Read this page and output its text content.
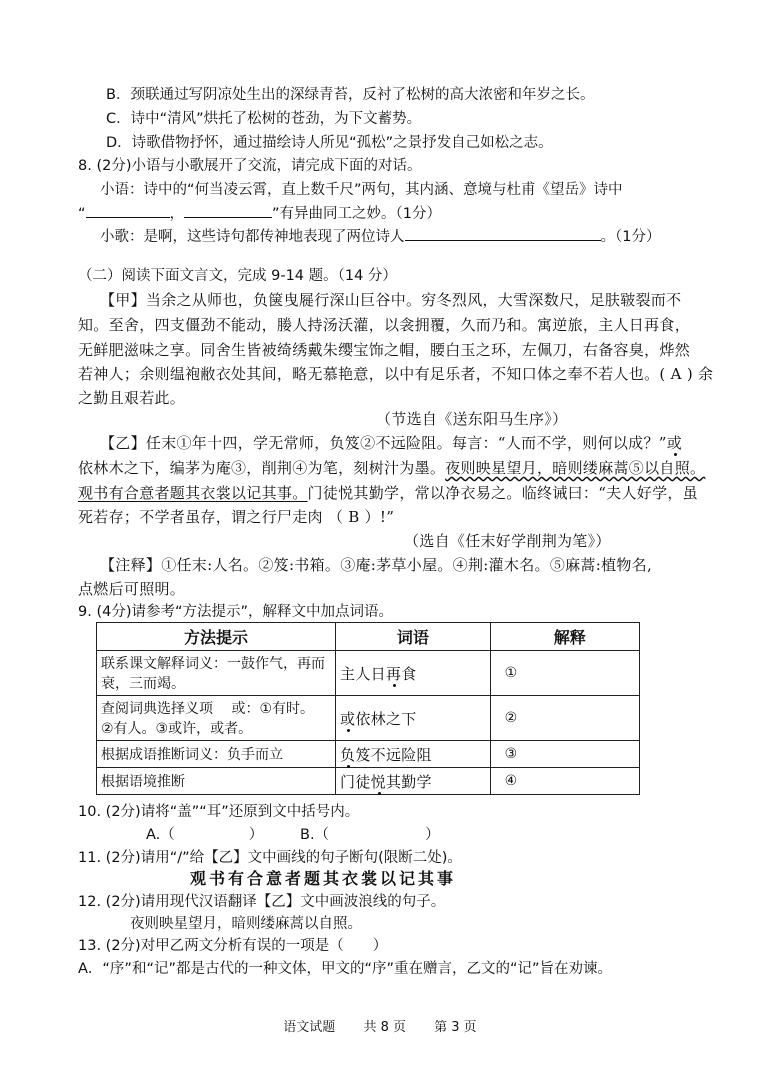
B．颈联通过写阴凉处生出的深绿青苔，反衬了松树的高大浓密和年岁之长。
C．诗中“清风”烘托了松树的苍劲，为下文蓄势。
D．诗歌借物抒怀，通过描绘诗人所见“孤松”之景抒发自己如松之志。
8. (2分)小语与小歌展开了交流，请完成下面的对话。
小语：诗中的“何当凌云霄，直上数千尺”两句，其内涵、意境与杜甫《望岳》诗中
“	，	”有异曲同工之妙。（1分）
小歌：是啊，这些诗句都传神地表现了两位诗人	。（1分）
（二）阅读下面文言文，完成 9-14 题。（14 分）
【甲】当余之从师也，负箧曳屣行深山巨谷中。穷冬烈风，大雪深数尺，足肤皲裂而不
知。至舍，四支僵劲不能动，媵人持汤沃灌，以衾拥覆，久而乃和。寓逆旅，主人日再食，
无鲜肥滋味之享。同舍生皆被绮绣戴朱缨宝饰之帽，腰白玉之环，左佩刀，右备容臭，烨然
若神人；余则缊袍敝衣处其间，略无慕艳意，以中有足乐者，不知口体之奉不若人也。( A ) 余
之勤且艰若此。
（节选自《送东阳马生序》）
【乙】任末①年十四，学无常师，负笈②不远险阻。每言：“人而不学，则何以成？”或
依林木之下，编茅为庵③，削荆④为笔，刻树汁为墨。夜则映星望月，暗则缕麻蒿⑤以自照。
观书有合意者题其衣裳以记其事。门徒悦其勤学，常以净衣易之。临终诫曰：“夫人好学，虽
死若存；不学者虽存，谓之行尸走肉 （ B ）!”
（选自《任末好学削荆为笔》）
【注释】①任末:人名。②笈:书箱。③庵:茅草小屋。④荆:灌木名。⑤麻蒿:植物名,
点燃后可照明。
9. (4分)请参考“方法提示”，解释文中加点词语。
方法提示	词语	解释
联系课文解释词义：一鼓作气，再而
衰，三而竭。	主人日再食	①
查阅词典选择义项　 或：①有时。
②有人。③或许，或者。	或依林之下	②
根据成语推断词义：负手而立	负笈不远险阻	③
根据语境推断	门徒悦其勤学	④
10. (2分)请将“盖”“耳”还原到文中括号内。
A.（	）	B.（	）
11. (2分)请用“/”给【乙】文中画线的句子断句(限断二处)。
观书有合意者题其衣裳以记其事
12. (2分)请用现代汉语翻译【乙】文中画波浪线的句子。
夜则映星望月，暗则缕麻蒿以自照。
13. (2分)对甲乙两文分析有误的一项是（　　）
A．“序”和“记”都是古代的一种文体，甲文的“序”重在赠言，乙文的“记”旨在劝谏。
语文试题 共 8 页 第 3 页
